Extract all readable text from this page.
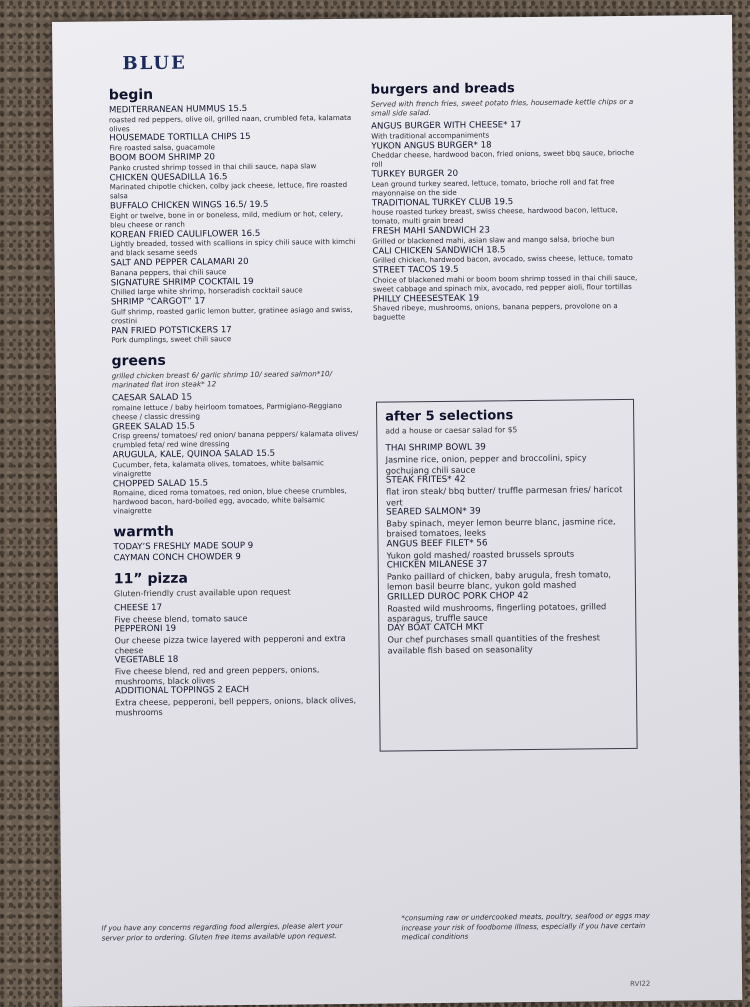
BLUE
begin
MEDITERRANEAN HUMMUS 15.5
roasted red peppers, olive oil, grilled naan, crumbled feta, kalamata olives
HOUSEMADE TORTILLA CHIPS 15
Fire roasted salsa, guacamole
BOOM BOOM SHRIMP 20
Panko crusted shrimp tossed in thai chili sauce, napa slaw
CHICKEN QUESADILLA 16.5
Marinated chipotle chicken, colby jack cheese, lettuce, fire roasted salsa
BUFFALO CHICKEN WINGS 16.5/ 19.5
Eight or twelve, bone in or boneless, mild, medium or hot, celery, bleu cheese or ranch
KOREAN FRIED CAULIFLOWER 16.5
Lightly breaded, tossed with scallions in spicy chili sauce with kimchi and black sesame seeds
SALT AND PEPPER CALAMARI 20
Banana peppers, thai chili sauce
SIGNATURE SHRIMP COCKTAIL 19
Chilled large white shrimp, horseradish cocktail sauce
SHRIMP “CARGOT” 17
Gulf shrimp, roasted garlic lemon butter, gratinee asiago and swiss, crostini
PAN FRIED POTSTICKERS 17
Pork dumplings, sweet chili sauce
greens
grilled chicken breast 6/ garlic shrimp 10/ seared salmon*10/ marinated flat iron steak* 12
CAESAR SALAD 15
romaine lettuce / baby heirloom tomatoes, Parmigiano-Reggiano cheese / classic dressing
GREEK SALAD 15.5
Crisp greens/ tomatoes/ red onion/ banana peppers/ kalamata olives/ crumbled feta/ red wine dressing
ARUGULA, KALE, QUINOA SALAD 15.5
Cucumber, feta, kalamata olives, tomatoes, white balsamic vinaigrette
CHOPPED SALAD 15.5
Romaine, diced roma tomatoes, red onion, blue cheese crumbles, hardwood bacon, hard-boiled egg, avocado, white balsamic vinaigrette
warmth
TODAY’S FRESHLY MADE SOUP 9
CAYMAN CONCH CHOWDER 9
11” pizza
Gluten-friendly crust available upon request
CHEESE 17
Five cheese blend, tomato sauce
PEPPERONI 19
Our cheese pizza twice layered with pepperoni and extra cheese
VEGETABLE 18
Five cheese blend, red and green peppers, onions, mushrooms, black olives
ADDITIONAL TOPPINGS 2 EACH
Extra cheese, pepperoni, bell peppers, onions, black olives, mushrooms
burgers and breads
Served with french fries, sweet potato fries, housemade kettle chips or a small side salad.
ANGUS BURGER WITH CHEESE* 17
With traditional accompaniments
YUKON ANGUS BURGER* 18
Cheddar cheese, hardwood bacon, fried onions, sweet bbq sauce, brioche roll
TURKEY BURGER 20
Lean ground turkey seared, lettuce, tomato, brioche roll and fat free mayonnaise on the side
TRADITIONAL TURKEY CLUB 19.5
house roasted turkey breast, swiss cheese, hardwood bacon, lettuce, tomato, multi grain bread
FRESH MAHI SANDWICH 23
Grilled or blackened mahi, asian slaw and mango salsa, brioche bun
CALI CHICKEN SANDWICH 18.5
Grilled chicken, hardwood bacon, avocado, swiss cheese, lettuce, tomato
STREET TACOS 19.5
Choice of blackened mahi or boom boom shrimp tossed in thai chili sauce, sweet cabbage and spinach mix, avocado, red pepper aioli, flour tortillas
PHILLY CHEESESTEAK 19
Shaved ribeye, mushrooms, onions, banana peppers, provolone on a baguette
after 5 selections
add a house or caesar salad for $5
THAI SHRIMP BOWL 39
Jasmine rice, onion, pepper and broccolini, spicy gochujang chili sauce
STEAK FRITES* 42
flat iron steak/ bbq butter/ truffle parmesan fries/ haricot vert
SEARED SALMON* 39
Baby spinach, meyer lemon beurre blanc, jasmine rice, braised tomatoes, leeks
ANGUS BEEF FILET* 56
Yukon gold mashed/ roasted brussels sprouts
CHICKEN MILANESE 37
Panko paillard of chicken, baby arugula, fresh tomato, lemon basil beurre blanc, yukon gold mashed
GRILLED DUROC PORK CHOP 42
Roasted wild mushrooms, fingerling potatoes, grilled asparagus, truffle sauce
DAY BOAT CATCH MKT
Our chef purchases small quantities of the freshest available fish based on seasonality
If you have any concerns regarding food allergies, please alert your server prior to ordering. Gluten free items available upon request.
*consuming raw or undercooked meats, poultry, seafood or eggs may increase your risk of foodborne illness, especially if you have certain medical conditions
RVI22
